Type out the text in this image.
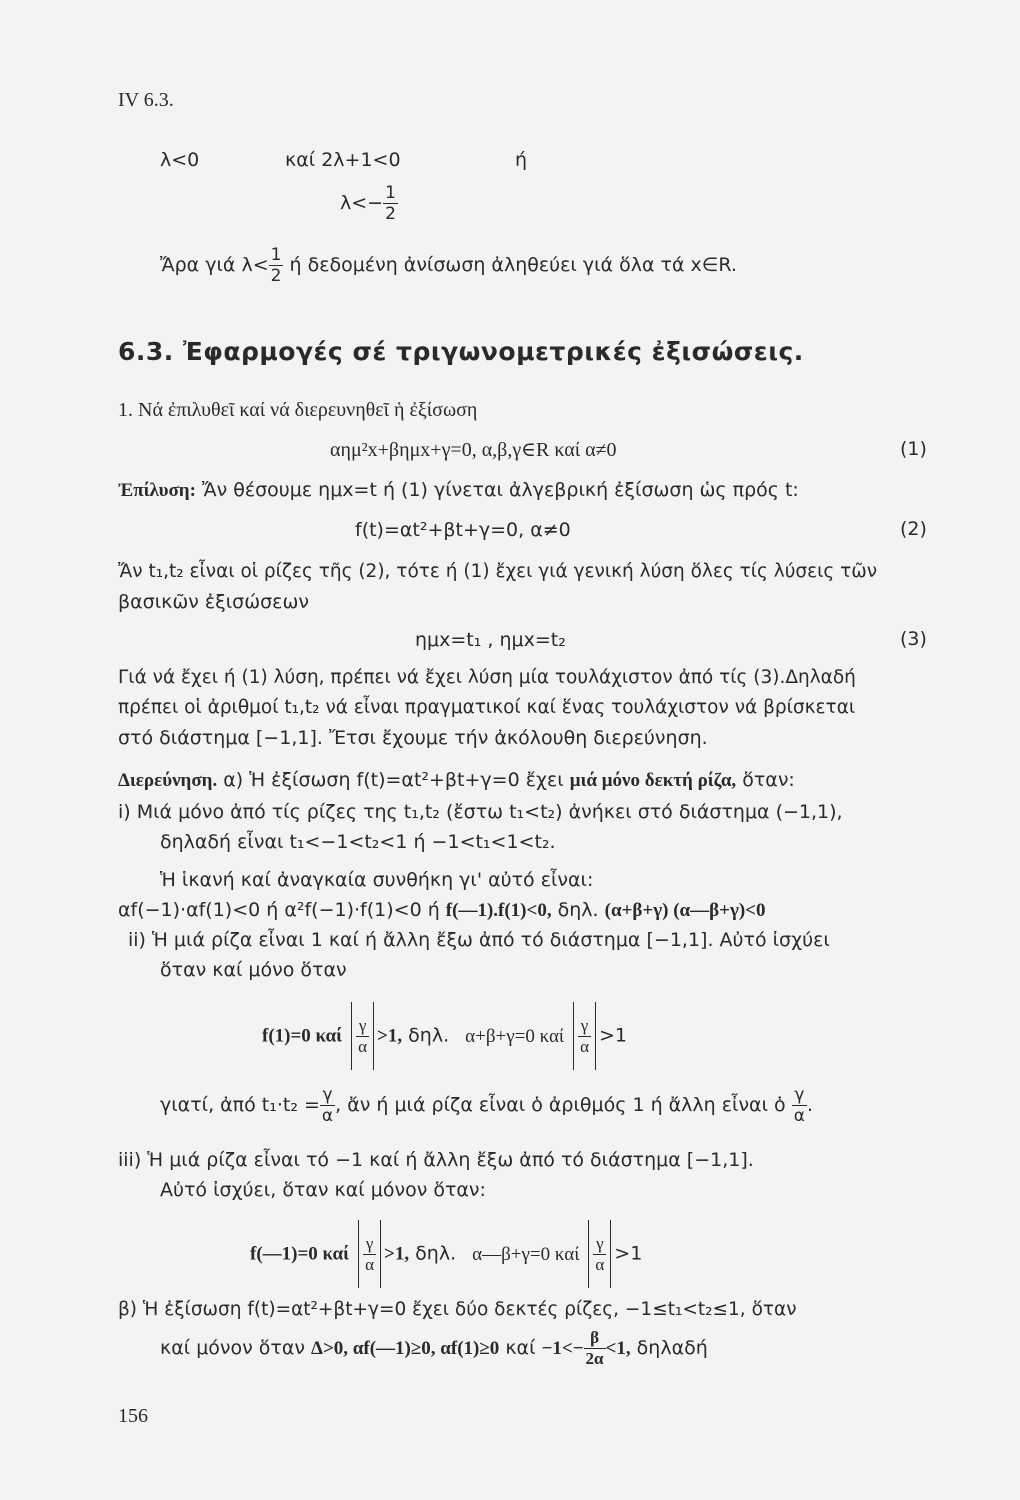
IV 6.3.
λ<0	καί 2λ+1<0	ή
$\lambda<- \frac{1}{2}$
Ἄρα γιά $\lambda< \frac{1}{2}$ ή δεδομένη ἀνίσωση ἀληθεύει γιά ὅλα τά x∈R.
6.3. Ἐφαρμογές σέ τριγωνομετρικές ἐξισώσεις.
1. Νά ἐπιλυθεῖ καί νά διερευνηθεῖ ἡ ἐξίσωση
αημ²x+βημx+γ=0, α,β,γ∈R καί α≠0	(1)
Ἐπίλυση: Ἄν θέσουμε ημx=t ή (1) γίνεται ἀλγεβρική ἐξίσωση ὡς πρός t:
f(t)=αt²+βt+γ=0, α≠0	(2)
Ἄν t₁,t₂ εἶναι οἱ ρίζες τῆς (2), τότε ή (1) ἔχει γιά γενική λύση ὅλες τίς λύσεις τῶν
βασικῶν ἐξισώσεων
ημx=t₁ , ημx=t₂	(3)
Γιά νά ἔχει ή (1) λύση, πρέπει νά ἔχει λύση μία τουλάχιστον ἀπό τίς (3).Δηλαδή
πρέπει οἱ ἀριθμοί t₁,t₂ νά εἶναι πραγματικοί καί ἕνας τουλάχιστον νά βρίσκεται
στό διάστημα [−1,1]. Ἔτσι ἔχουμε τήν ἀκόλουθη διερεύνηση.
Διερεύνηση. α) Ἡ ἐξίσωση f(t)=αt²+βt+γ=0 ἔχει μιά μόνο δεκτή ρίζα, ὅταν:
i) Μιά μόνο ἀπό τίς ρίζες της t₁,t₂ (ἔστω t₁<t₂) ἀνήκει στό διάστημα (−1,1),
δηλαδή εἶναι t₁<−1<t₂<1 ή −1<t₁<1<t₂.
Ἡ ἱκανή καί ἀναγκαία συνθήκη γι' αὐτό εἶναι:
αf(−1)·αf(1)<0 ή α²f(−1)·f(1)<0 ή f(—1).f(1)<0, δηλ. (α+β+γ) (α—β+γ)<0
ii) Ἡ μιά ρίζα εἶναι 1 καί ή ἄλλη ἔξω ἀπό τό διάστημα [−1,1]. Αὐτό ἰσχύει
ὅταν καί μόνο ὅταν
f(1)=0 καί $\frac{\gamma}{\alpha} >1$, δηλ. α+β+γ=0 καί $\frac{\gamma}{\alpha} >1$
γιατί, ἀπό $t_1\cdot t_2 = \frac{\gamma}{\alpha}$ , ἄν ή μιά ρίζα εἶναι ὁ ἀριθμός 1 ή ἄλλη εἶναι ὁ $\frac{\gamma}{\alpha}$ .
iii) Ἡ μιά ρίζα εἶναι τό −1 καί ή ἄλλη ἔξω ἀπό τό διάστημα [−1,1].
Αὐτό ἰσχύει, ὅταν καί μόνον ὅταν:
f(—1)=0 καί $\frac{\gamma}{\alpha} >1$, δηλ. α—β+γ=0 καί $\frac{\gamma}{\alpha} >1$
β) Ἡ ἐξίσωση f(t)=αt²+βt+γ=0 ἔχει δύο δεκτές ρίζες, −1≤t₁<t₂≤1, ὅταν
καί μόνον ὅταν Δ>0, αf(—1)≥0, αf(1)≥0 $\kappa\alpha ί -1<- \frac{\beta}{2\alpha} <1$, δηλαδή
156
